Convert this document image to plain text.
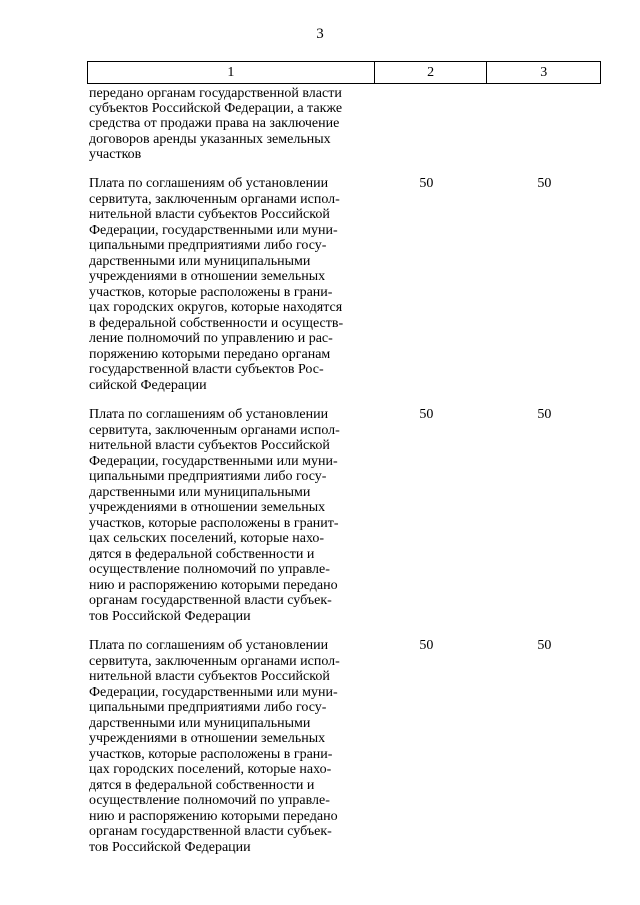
3
1	2	3
передано органам государственной власти
субъектов Российской Федерации, а также
средства от продажи права на заключение
договоров аренды указанных земельных
участков
Плата по соглашениям об установлении
сервитута, заключенным органами испол-
нительной власти субъектов Российской
Федерации, государственными или муни-
ципальными предприятиями либо госу-
дарственными или муниципальными
учреждениями в отношении земельных
участков, которые расположены в грани-
цах городских округов, которые находятся
в федеральной собственности и осуществ-
ление полномочий по управлению и рас-
поряжению которыми передано органам
государственной власти субъектов Рос-
сийской Федерации
50	50
Плата по соглашениям об установлении
сервитута, заключенным органами испол-
нительной власти субъектов Российской
Федерации, государственными или муни-
ципальными предприятиями либо госу-
дарственными или муниципальными
учреждениями в отношении земельных
участков, которые расположены в гранит-
цах сельских поселений, которые нахо-
дятся в федеральной собственности и
осуществление полномочий по управле-
нию и распоряжению которыми передано
органам государственной власти субъек-
тов Российской Федерации
50	50
Плата по соглашениям об установлении
сервитута, заключенным органами испол-
нительной власти субъектов Российской
Федерации, государственными или муни-
ципальными предприятиями либо госу-
дарственными или муниципальными
учреждениями в отношении земельных
участков, которые расположены в грани-
цах городских поселений, которые нахо-
дятся в федеральной собственности и
осуществление полномочий по управле-
нию и распоряжению которыми передано
органам государственной власти субъек-
тов Российской Федерации
50	50
